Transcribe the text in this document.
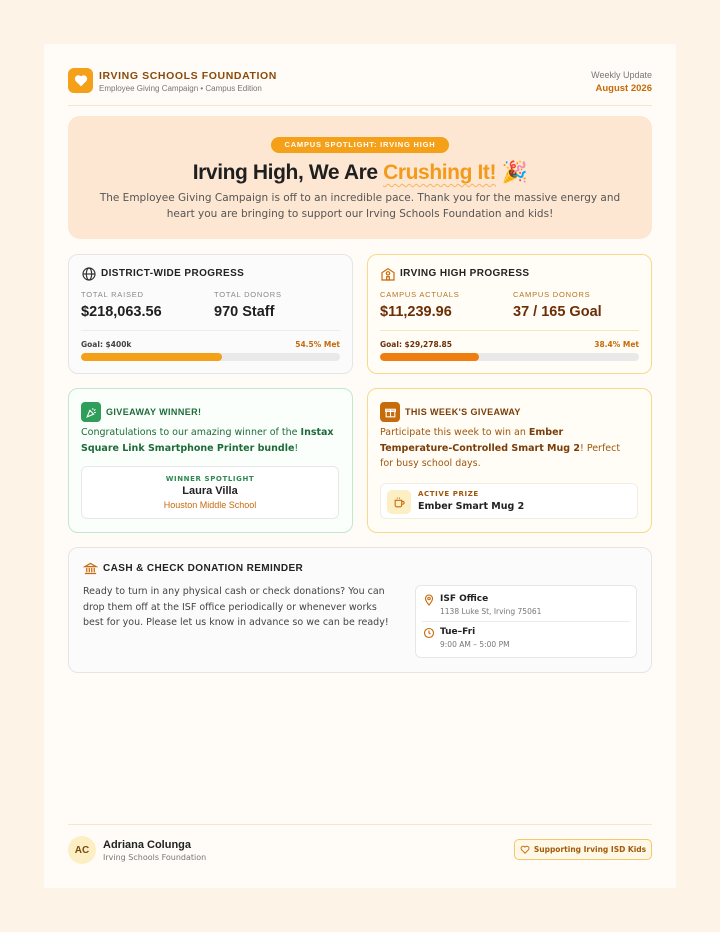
IRVING SCHOOLS FOUNDATION
Employee Giving Campaign • Campus Edition
Weekly Update
August 2026
CAMPUS SPOTLIGHT: IRVING HIGH
Irving High, We Are Crushing It! 🎉
The Employee Giving Campaign is off to an incredible pace. Thank you for the massive energy and heart you are bringing to support our Irving Schools Foundation and kids!
DISTRICT-WIDE PROGRESS
TOTAL RAISED
$218,063.56
TOTAL DONORS
970 Staff
Goal: $400k	54.5% Met
IRVING HIGH PROGRESS
CAMPUS ACTUALS
$11,239.96
CAMPUS DONORS
37 / 165 Goal
Goal: $29,278.85	38.4% Met
GIVEAWAY WINNER!
Congratulations to our amazing winner of the Instax Square Link Smartphone Printer bundle!
WINNER SPOTLIGHT
Laura Villa
Houston Middle School
THIS WEEK'S GIVEAWAY
Participate this week to win an Ember Temperature-Controlled Smart Mug 2! Perfect for busy school days.
ACTIVE PRIZE
Ember Smart Mug 2
CASH & CHECK DONATION REMINDER
Ready to turn in any physical cash or check donations? You can drop them off at the ISF office periodically or whenever works best for you. Please let us know in advance so we can be ready!
ISF Office
1138 Luke St, Irving 75061
Tue–Fri
9:00 AM – 5:00 PM
AC	Adriana Colunga
Irving Schools Foundation
Supporting Irving ISD Kids
